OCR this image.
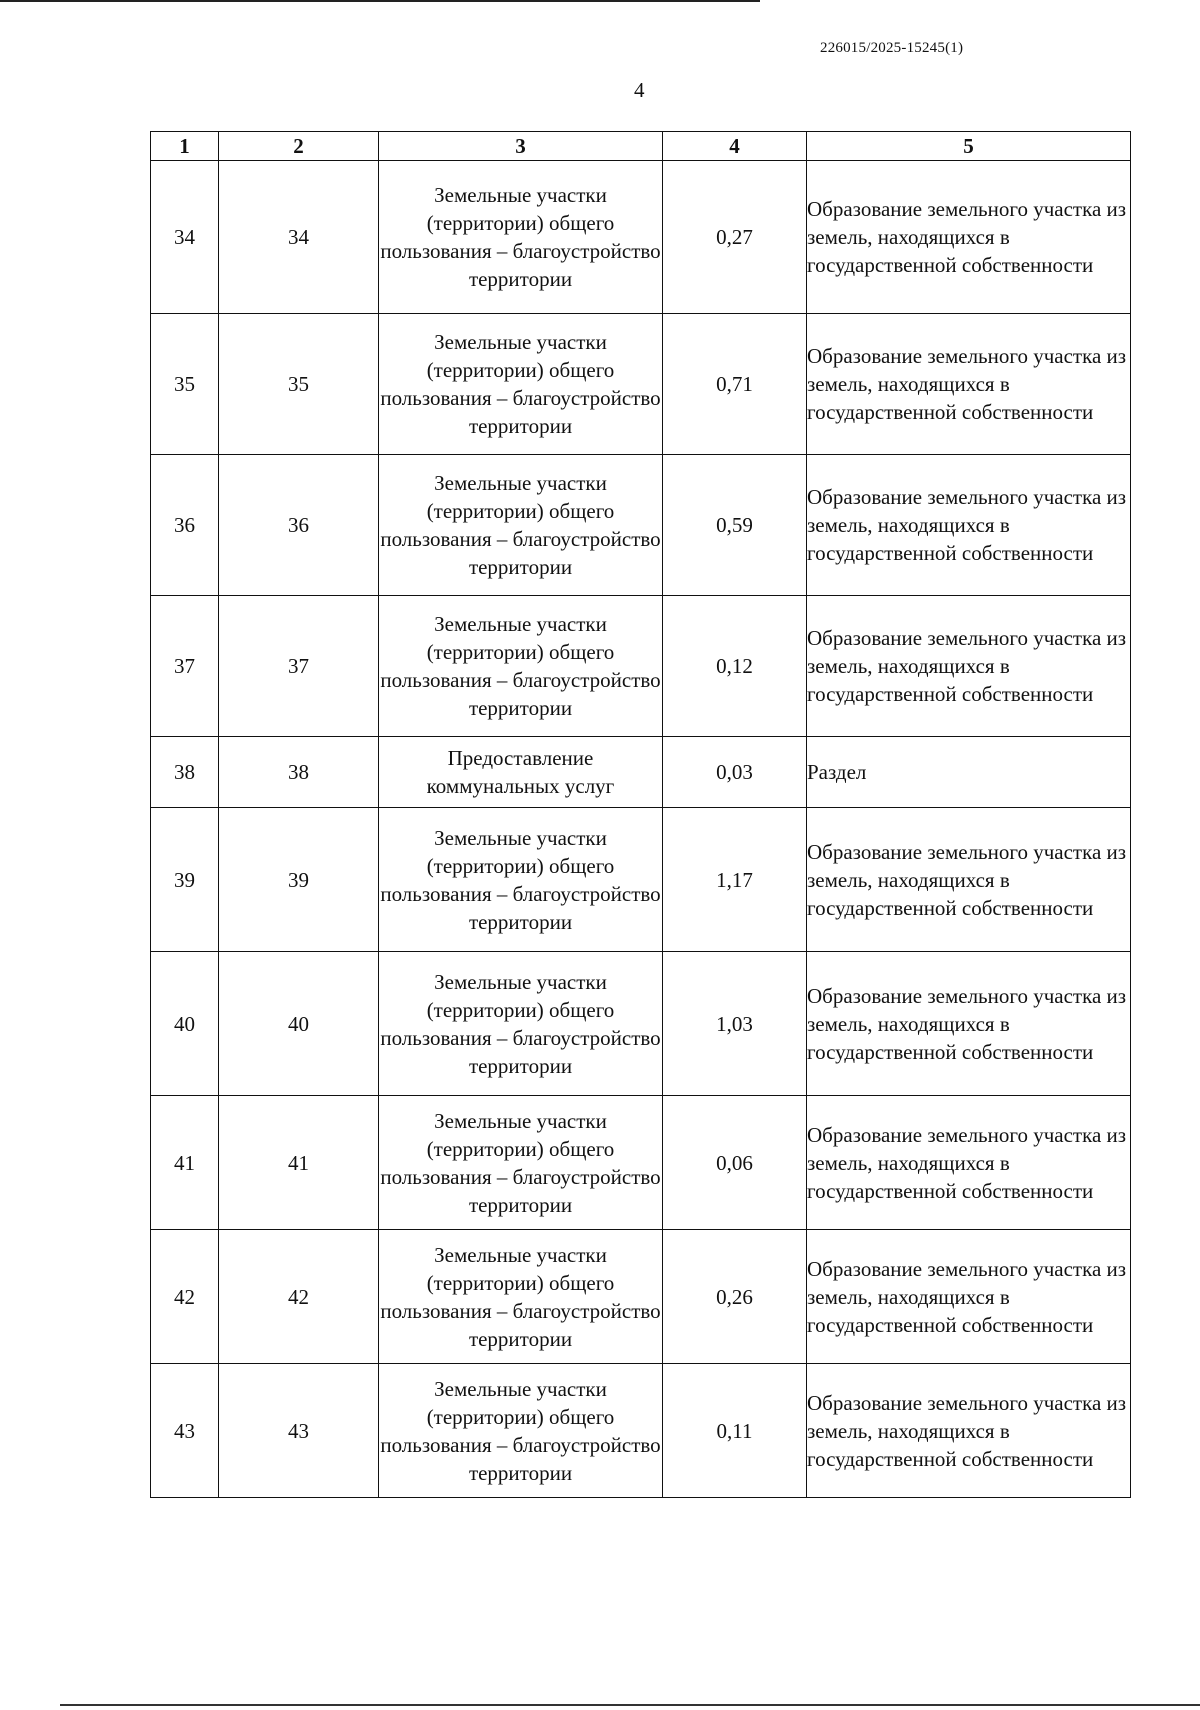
226015/2025-15245(1)
4
1	2	3	4	5
34	34	Земельные участки (территории) общего пользования – благоустройство территории	0,27	Образование земельного участка из земель, находящихся в государственной собственности
35	35	Земельные участки (территории) общего пользования – благоустройство территории	0,71	Образование земельного участка из земель, находящихся в государственной собственности
36	36	Земельные участки (территории) общего пользования – благоустройство территории	0,59	Образование земельного участка из земель, находящихся в государственной собственности
37	37	Земельные участки (территории) общего пользования – благоустройство территории	0,12	Образование земельного участка из земель, находящихся в государственной собственности
38	38	Предоставление коммунальных услуг	0,03	Раздел
39	39	Земельные участки (территории) общего пользования – благоустройство территории	1,17	Образование земельного участка из земель, находящихся в государственной собственности
40	40	Земельные участки (территории) общего пользования – благоустройство территории	1,03	Образование земельного участка из земель, находящихся в государственной собственности
41	41	Земельные участки (территории) общего пользования – благоустройство территории	0,06	Образование земельного участка из земель, находящихся в государственной собственности
42	42	Земельные участки (территории) общего пользования – благоустройство территории	0,26	Образование земельного участка из земель, находящихся в государственной собственности
43	43	Земельные участки (территории) общего пользования – благоустройство территории	0,11	Образование земельного участка из земель, находящихся в государственной собственности
